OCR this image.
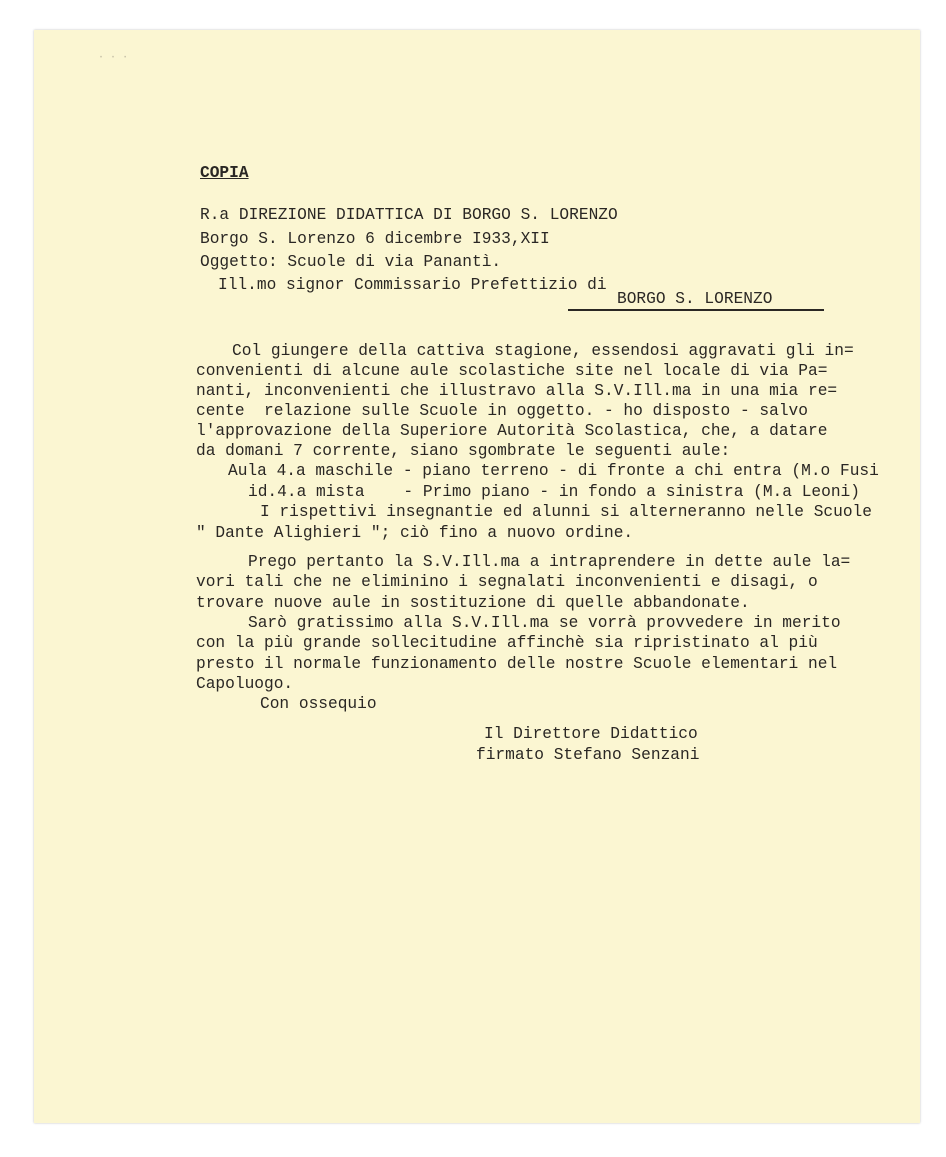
⋅ ⋅ ⋅
COPIA
R.a DIREZIONE DIDATTICA DI BORGO S. LORENZO
Borgo S. Lorenzo 6 dicembre I933,XII
Oggetto: Scuole di via Panantì.
Ill.mo signor Commissario Prefettizio di
BORGO S. LORENZO
Col giungere della cattiva stagione, essendosi aggravati gli in=
convenienti di alcune aule scolastiche site nel locale di via Pa=
nanti, inconvenienti che illustravo alla S.V.Ill.ma in una mia re=
cente  relazione sulle Scuole in oggetto. - ho disposto - salvo
l'approvazione della Superiore Autorità Scolastica, che, a datare
da domani 7 corrente, siano sgombrate le seguenti aule:
Aula 4.a maschile - piano terreno - di fronte a chi entra (M.o Fusi
id.4.a mista    - Primo piano - in fondo a sinistra (M.a Leoni)
I rispettivi insegnantie ed alunni si alterneranno nelle Scuole
" Dante Alighieri "; ciò fino a nuovo ordine.
Prego pertanto la S.V.Ill.ma a intraprendere in dette aule la=
vori tali che ne eliminino i segnalati inconvenienti e disagi, o
trovare nuove aule in sostituzione di quelle abbandonate.
Sarò gratissimo alla S.V.Ill.ma se vorrà provvedere in merito
con la più grande sollecitudine affinchè sia ripristinato al più
presto il normale funzionamento delle nostre Scuole elementari nel
Capoluogo.
Con ossequio
Il Direttore Didattico
firmato Stefano Senzani
